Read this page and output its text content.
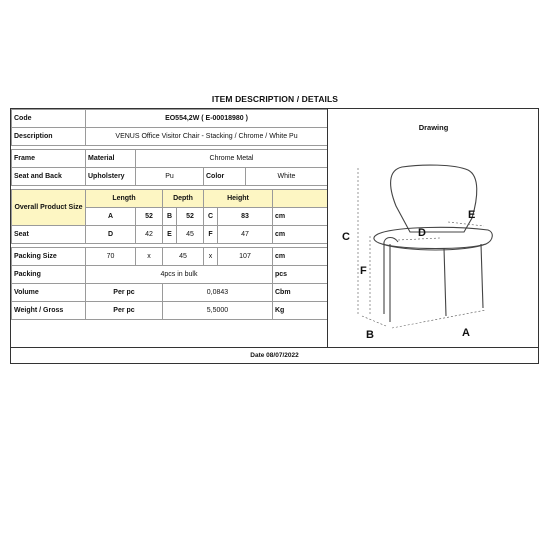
ITEM DESCRIPTION / DETAILS
Code	EO554,2W ( E-00018980 )							
Description	VENUS Office Visitor Chair - Stacking / Chrome / White Pu							

Frame	Material	Chrome Metal						
Seat and Back	Upholstery	Pu			Color		White	

Overall Product Size	Length		Depth		Height			
	A	52	B	52	C	83		cm
Seat	D	42	E	45	F	47		cm

Packing Size	70	x	45		x	107		cm
Packing	4pcs in bulk							pcs
Volume	Per pc		0,0843					Cbm
Weight / Gross	Per pc		5,5000					Kg
Drawing
C
F
D
E
B	A
Date 08/07/2022
